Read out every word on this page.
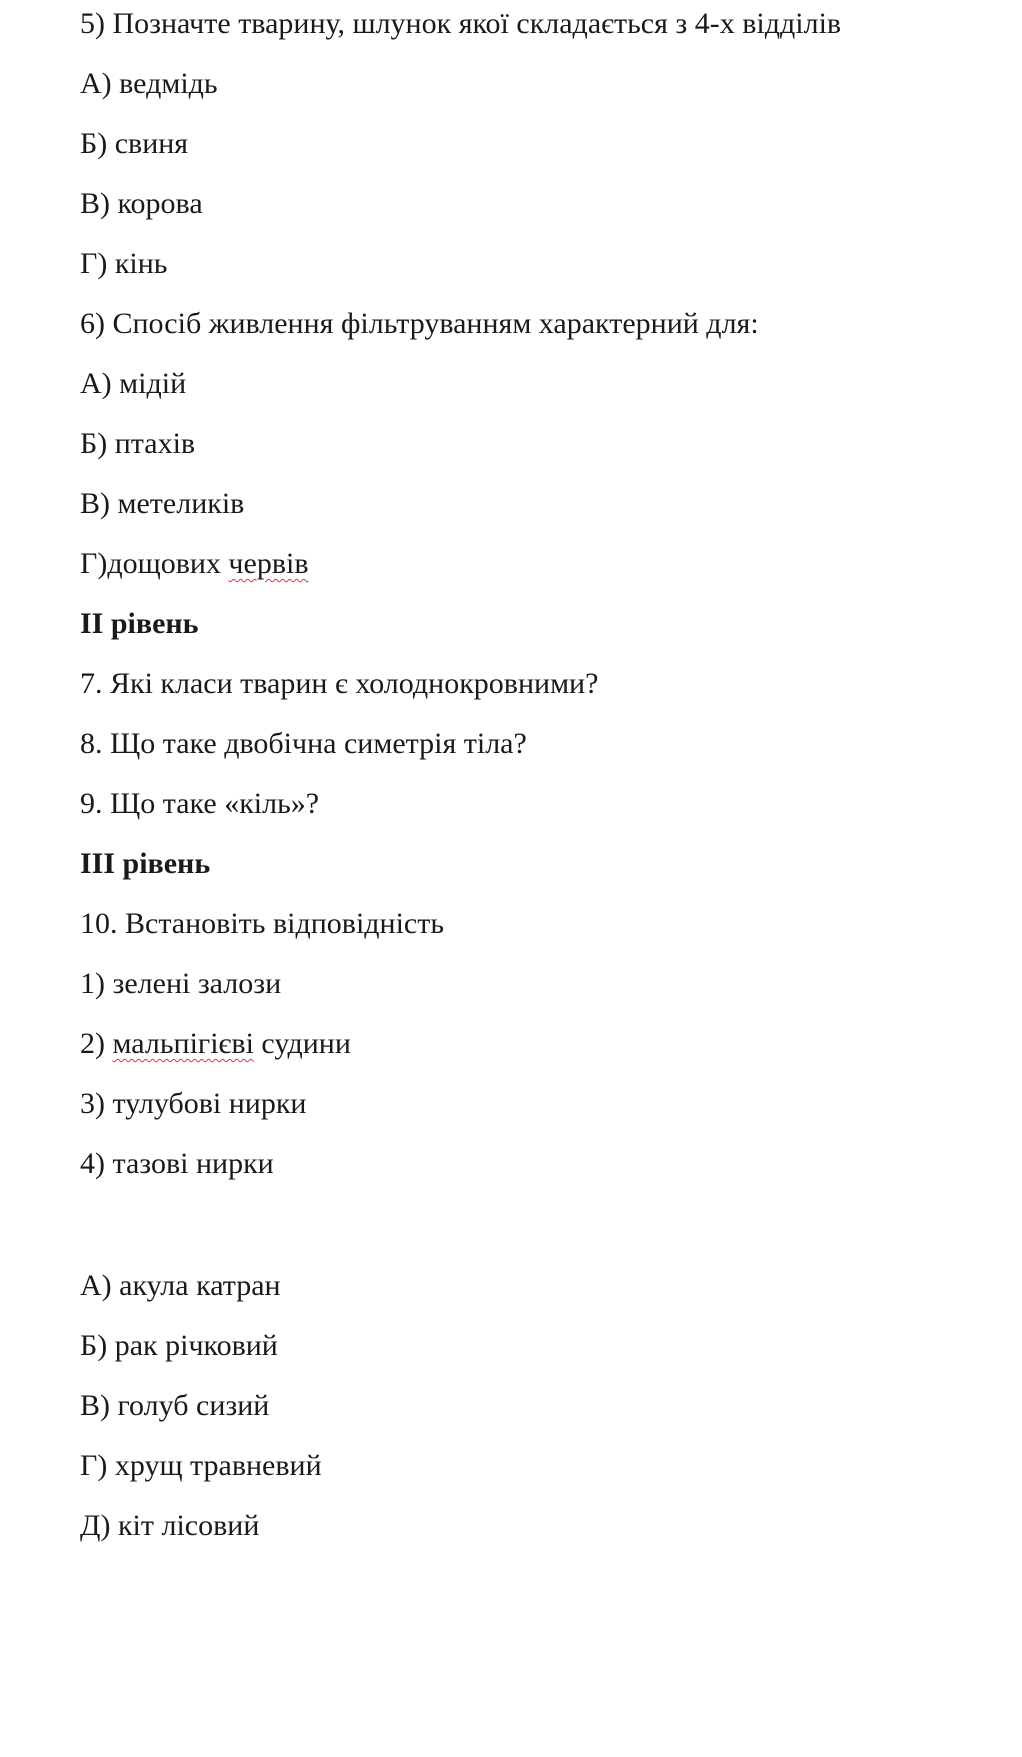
5) Позначте тварину, шлунок якої складається з 4-х відділів

А) ведмідь

Б) свиня

В) корова

Г) кінь

6) Спосіб живлення фільтруванням характерний для:

А) мідій

Б) птахів

В) метеликів

Г)дощових червів

II рівень

7. Які класи тварин є холоднокровними?

8. Що таке двобічна симетрія тіла?

9. Що таке «кіль»?

III рівень

10. Встановіть відповідність

1) зелені залози

2) мальпігієві судини

3) тулубові нирки

4) тазові нирки

А) акула катран

Б) рак річковий

В) голуб сизий

Г) хрущ травневий

Д) кіт лісовий
